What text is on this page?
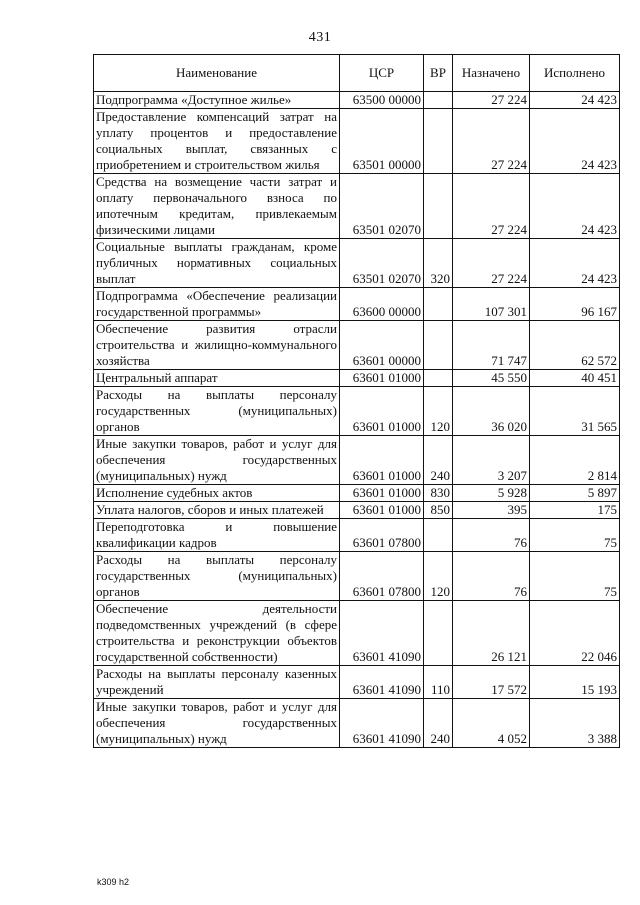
431
Наименование	ЦСР	ВР	Назначено	Исполнено
Подпрограмма «Доступное жилье»	63500 00000		27 224	24 423
Предоставление компенсаций затрат на уплату процентов и предоставление социальных выплат, связанных с приобретением и строительством жилья	63501 00000		27 224	24 423
Средства на возмещение части затрат и оплату первоначального взноса по ипотечным кредитам, привлекаемым физическими лицами	63501 02070		27 224	24 423
Социальные выплаты гражданам, кроме публичных нормативных социальных выплат	63501 02070	320	27 224	24 423
Подпрограмма «Обеспечение реализации государственной программы»	63600 00000		107 301	96 167
Обеспечение развития отрасли строительства и жилищно-коммунального хозяйства	63601 00000		71 747	62 572
Центральный аппарат	63601 01000		45 550	40 451
Расходы на выплаты персоналу государственных (муниципальных) органов	63601 01000	120	36 020	31 565
Иные закупки товаров, работ и услуг для обеспечения государственных (муниципальных) нужд	63601 01000	240	3 207	2 814
Исполнение судебных актов	63601 01000	830	5 928	5 897
Уплата налогов, сборов и иных платежей	63601 01000	850	395	175
Переподготовка и повышение квалификации кадров	63601 07800		76	75
Расходы на выплаты персоналу государственных (муниципальных) органов	63601 07800	120	76	75
Обеспечение деятельности подведомственных учреждений (в сфере строительства и реконструкции объектов государственной собственности)	63601 41090		26 121	22 046
Расходы на выплаты персоналу казенных учреждений	63601 41090	110	17 572	15 193
Иные закупки товаров, работ и услуг для обеспечения государственных (муниципальных) нужд	63601 41090	240	4 052	3 388
k309 h2
